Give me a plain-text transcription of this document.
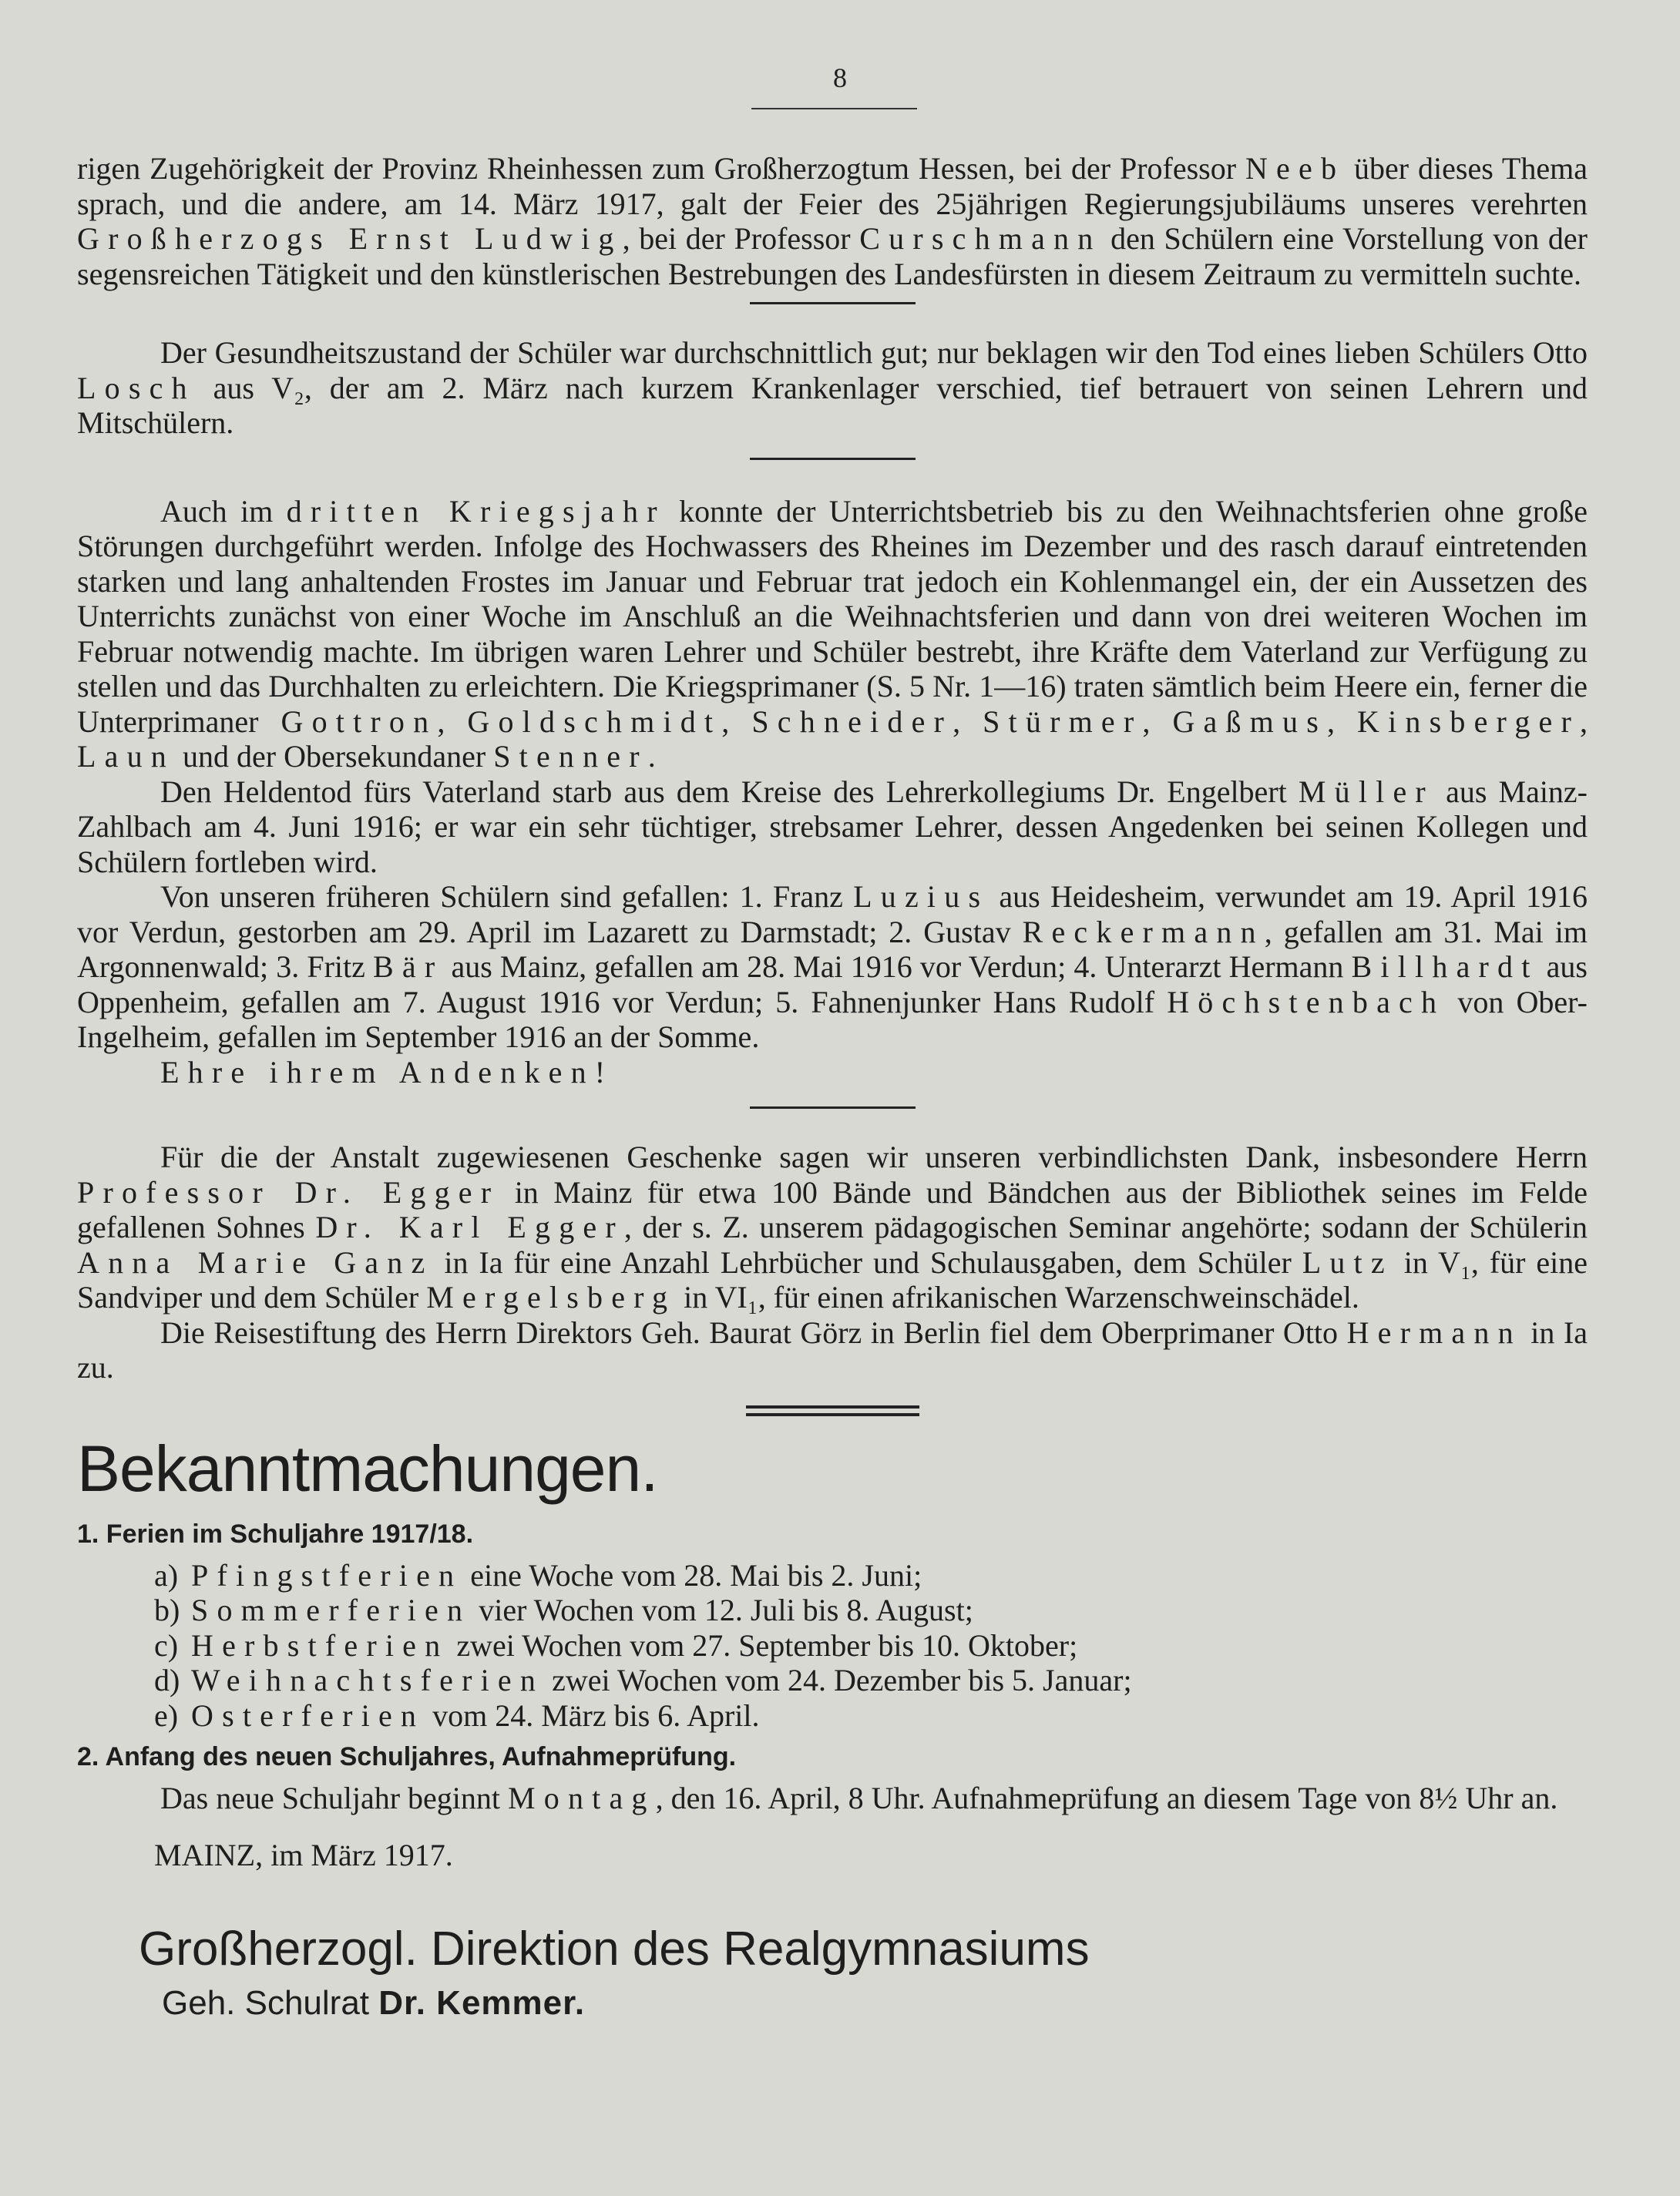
8

rigen Zugehörigkeit der Provinz Rheinhessen zum Großherzogtum Hessen, bei der Professor Neeb über dieses Thema sprach, und die andere, am 14. März 1917, galt der Feier des 25jährigen Regierungsjubiläums unseres verehrten Großherzogs Ernst Ludwig, bei der Professor Curschmann den Schülern eine Vorstellung von der segensreichen Tätigkeit und den künstlerischen Bestrebungen des Landesfürsten in diesem Zeitraum zu vermitteln suchte.

Der Gesundheitszustand der Schüler war durchschnittlich gut; nur beklagen wir den Tod eines lieben Schülers Otto Losch aus V₂, der am 2. März nach kurzem Krankenlager verschied, tief betrauert von seinen Lehrern und Mitschülern.

Auch im dritten Kriegsjahr konnte der Unterrichtsbetrieb bis zu den Weihnachtsferien ohne große Störungen durchgeführt werden. Infolge des Hochwassers des Rheines im Dezember und des rasch darauf eintretenden starken und lang anhaltenden Frostes im Januar und Februar trat jedoch ein Kohlenmangel ein, der ein Aussetzen des Unterrichts zunächst von einer Woche im Anschluß an die Weihnachtsferien und dann von drei weiteren Wochen im Februar notwendig machte. Im übrigen waren Lehrer und Schüler bestrebt, ihre Kräfte dem Vaterland zur Verfügung zu stellen und das Durchhalten zu erleichtern. Die Kriegsprimaner (S. 5 Nr. 1—16) traten sämtlich beim Heere ein, ferner die Unterprimaner Gottron, Goldschmidt, Schneider, Stürmer, Gaßmus, Kinsberger, Laun und der Obersekundaner Stenner.

Den Heldentod fürs Vaterland starb aus dem Kreise des Lehrerkollegiums Dr. Engelbert Müller aus Mainz-Zahlbach am 4. Juni 1916; er war ein sehr tüchtiger, strebsamer Lehrer, dessen Angedenken bei seinen Kollegen und Schülern fortleben wird.

Von unseren früheren Schülern sind gefallen: 1. Franz Luzius aus Heidesheim, verwundet am 19. April 1916 vor Verdun, gestorben am 29. April im Lazarett zu Darmstadt; 2. Gustav Reckermann, gefallen am 31. Mai im Argonnenwald; 3. Fritz Bär aus Mainz, gefallen am 28. Mai 1916 vor Verdun; 4. Unterarzt Hermann Billhardt aus Oppenheim, gefallen am 7. August 1916 vor Verdun; 5. Fahnenjunker Hans Rudolf Höchstenbach von Ober-Ingelheim, gefallen im September 1916 an der Somme.

Ehre ihrem Andenken!

Für die der Anstalt zugewiesenen Geschenke sagen wir unseren verbindlichsten Dank, insbesondere Herrn Professor Dr. Egger in Mainz für etwa 100 Bände und Bändchen aus der Bibliothek seines im Felde gefallenen Sohnes Dr. Karl Egger, der s. Z. unserem pädagogischen Seminar angehörte; sodann der Schülerin Anna Marie Ganz in Ia für eine Anzahl Lehrbücher und Schulausgaben, dem Schüler Lutz in V₁, für eine Sandviper und dem Schüler Mergelsberg in VI₁, für einen afrikanischen Warzenschweinschädel.

Die Reisestiftung des Herrn Direktors Geh. Baurat Görz in Berlin fiel dem Oberprimaner Otto Hermann in Ia zu.

Bekanntmachungen.
1. Ferien im Schuljahre 1917/18.
a) Pfingstferien eine Woche vom 28. Mai bis 2. Juni;
b) Sommerferien vier Wochen vom 12. Juli bis 8. August;
c) Herbstferien zwei Wochen vom 27. September bis 10. Oktober;
d) Weihnachtsferien zwei Wochen vom 24. Dezember bis 5. Januar;
e) Osterferien vom 24. März bis 6. April.
2. Anfang des neuen Schuljahres, Aufnahmeprüfung.

Das neue Schuljahr beginnt Montag, den 16. April, 8 Uhr. Aufnahmeprüfung an diesem Tage von 8½ Uhr an.

MAINZ, im März 1917.

Großherzogl. Direktion des Realgymnasiums
Geh. Schulrat Dr. Kemmer.
